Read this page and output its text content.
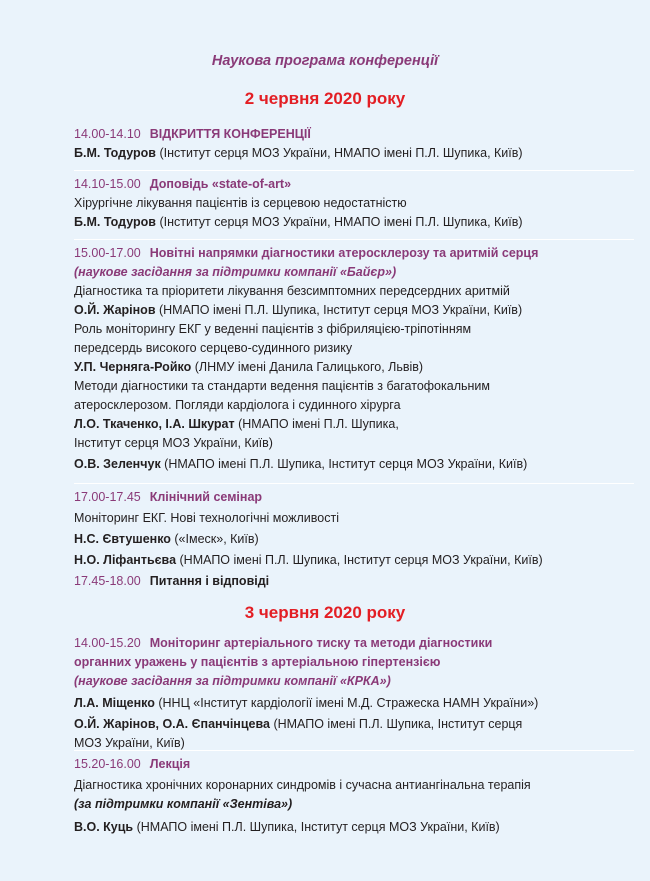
Наукова програма конференції
2 червня 2020 року
14.00-14.10 ВІДКРИТТЯ КОНФЕРЕНЦІЇ
Б.М. Тодуров (Інститут серця МОЗ України, НМАПО імені П.Л. Шупика, Київ)
14.10-15.00 Доповідь «state-of-art»
Хірургічне лікування пацієнтів із серцевою недостатністю
Б.М. Тодуров (Інститут серця МОЗ України, НМАПО імені П.Л. Шупика, Київ)
15.00-17.00 Новітні напрямки діагностики атеросклерозу та аритмій серця
(наукове засідання за підтримки компанії «Байєр»)
Діагностика та пріоритети лікування безсимптомних передсердних аритмій
О.Й. Жарінов (НМАПО імені П.Л. Шупика, Інститут серця МОЗ України, Київ)
Роль моніторингу ЕКГ у веденні пацієнтів з фібриляцією-тріпотінням
передсердь високого серцево-судинного ризику
У.П. Черняга-Ройко (ЛНМУ імені Данила Галицького, Львів)
Методи діагностики та стандарти ведення пацієнтів з багатофокальним
атеросклерозом. Погляди кардіолога і судинного хірурга
Л.О. Ткаченко, І.А. Шкурат (НМАПО імені П.Л. Шупика,
Інститут серця МОЗ України, Київ)
О.В. Зеленчук (НМАПО імені П.Л. Шупика, Інститут серця МОЗ України, Київ)
17.00-17.45 Клінічний семінар
Моніторинг ЕКГ. Нові технологічні можливості
Н.С. Євтушенко («Імеск», Київ)
Н.О. Ліфантьєва (НМАПО імені П.Л. Шупика, Інститут серця МОЗ України, Київ)
17.45-18.00 Питання і відповіді
3 червня 2020 року
14.00-15.20 Моніторинг артеріального тиску та методи діагностики
органних уражень у пацієнтів з артеріальною гіпертензією
(наукове засідання за підтримки компанії «КРКА»)
Л.А. Міщенко (ННЦ «Інститут кардіології імені М.Д. Стражеска НАМН України»)
О.Й. Жарінов, О.А. Єпанчінцева (НМАПО імені П.Л. Шупика, Інститут серця
МОЗ України, Київ)
15.20-16.00 Лекція
Діагностика хронічних коронарних синдромів і сучасна антиангінальна терапія
(за підтримки компанії «Зентіва»)
В.О. Куць (НМАПО імені П.Л. Шупика, Інститут серця МОЗ України, Київ)
